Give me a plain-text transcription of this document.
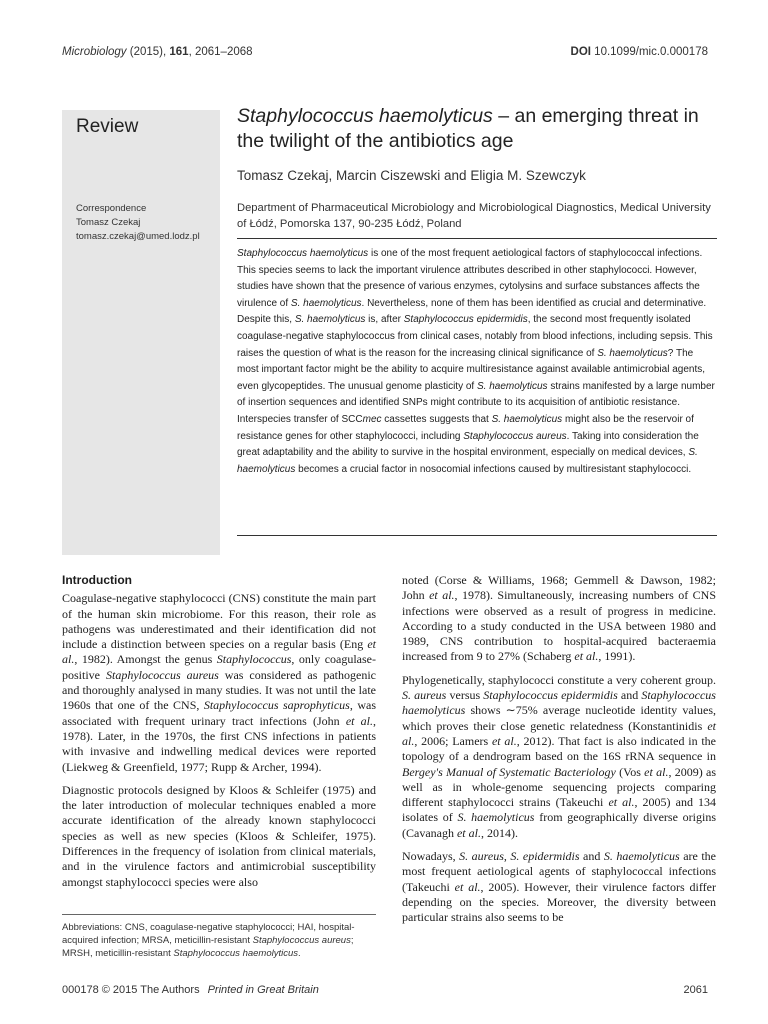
Microbiology (2015), 161, 2061–2068	DOI 10.1099/mic.0.000178
Review
Correspondence
Tomasz Czekaj
tomasz.czekaj@umed.lodz.pl
Staphylococcus haemolyticus – an emerging threat in the twilight of the antibiotics age
Tomasz Czekaj, Marcin Ciszewski and Eligia M. Szewczyk
Department of Pharmaceutical Microbiology and Microbiological Diagnostics, Medical University of Łódź, Pomorska 137, 90-235 Łódź, Poland
Staphylococcus haemolyticus is one of the most frequent aetiological factors of staphylococcal infections. This species seems to lack the important virulence attributes described in other staphylococci. However, studies have shown that the presence of various enzymes, cytolysins and surface substances affects the virulence of S. haemolyticus. Nevertheless, none of them has been identified as crucial and determinative. Despite this, S. haemolyticus is, after Staphylococcus epidermidis, the second most frequently isolated coagulase-negative staphylococcus from clinical cases, notably from blood infections, including sepsis. This raises the question of what is the reason for the increasing clinical significance of S. haemolyticus? The most important factor might be the ability to acquire multiresistance against available antimicrobial agents, even glycopeptides. The unusual genome plasticity of S. haemolyticus strains manifested by a large number of insertion sequences and identified SNPs might contribute to its acquisition of antibiotic resistance. Interspecies transfer of SCCmec cassettes suggests that S. haemolyticus might also be the reservoir of resistance genes for other staphylococci, including Staphylococcus aureus. Taking into consideration the great adaptability and the ability to survive in the hospital environment, especially on medical devices, S. haemolyticus becomes a crucial factor in nosocomial infections caused by multiresistant staphylococci.
Introduction

Coagulase-negative staphylococci (CNS) constitute the main part of the human skin microbiome. For this reason, their role as pathogens was underestimated and their identification did not include a distinction between species on a regular basis (Eng et al., 1982). Amongst the genus Staphylococcus, only coagulase-positive Staphylococcus aureus was considered as pathogenic and thoroughly analysed in many studies. It was not until the late 1960s that one of the CNS, Staphylococcus saprophyticus, was associated with frequent urinary tract infections (John et al., 1978). Later, in the 1970s, the first CNS infections in patients with invasive and indwelling medical devices were reported (Liekweg & Greenfield, 1977; Rupp & Archer, 1994).

Diagnostic protocols designed by Kloos & Schleifer (1975) and the later introduction of molecular techniques enabled a more accurate identification of the already known staphylococci species as well as new species (Kloos & Schleifer, 1975). Differences in the frequency of isolation from clinical materials, and in the virulence factors and antimicrobial susceptibility amongst staphylococci species were also

noted (Corse & Williams, 1968; Gemmell & Dawson, 1982; John et al., 1978). Simultaneously, increasing numbers of CNS infections were observed as a result of progress in medicine. According to a study conducted in the USA between 1980 and 1989, CNS contribution to hospital-acquired bacteraemia increased from 9 to 27% (Schaberg et al., 1991).

Phylogenetically, staphylococci constitute a very coherent group. S. aureus versus Staphylococcus epidermidis and Staphylococcus haemolyticus shows ∼75% average nucleotide identity values, which proves their close genetic relatedness (Konstantinidis et al., 2006; Lamers et al., 2012). That fact is also indicated in the topology of a dendrogram based on the 16S rRNA sequence in Bergey's Manual of Systematic Bacteriology (Vos et al., 2009) as well as in whole-genome sequencing projects comparing different staphylococci strains (Takeuchi et al., 2005) and 134 isolates of S. haemolyticus from geographically diverse origins (Cavanagh et al., 2014).

Nowadays, S. aureus, S. epidermidis and S. haemolyticus are the most frequent aetiological agents of staphylococcal infections (Takeuchi et al., 2005). However, their virulence factors differ depending on the species. Moreover, the diversity between particular strains also seems to be

Abbreviations: CNS, coagulase-negative staphylococci; HAI, hospital-acquired infection; MRSA, meticillin-resistant Staphylococcus aureus; MRSH, meticillin-resistant Staphylococcus haemolyticus.
000178 © 2015 The Authors Printed in Great Britain	2061
